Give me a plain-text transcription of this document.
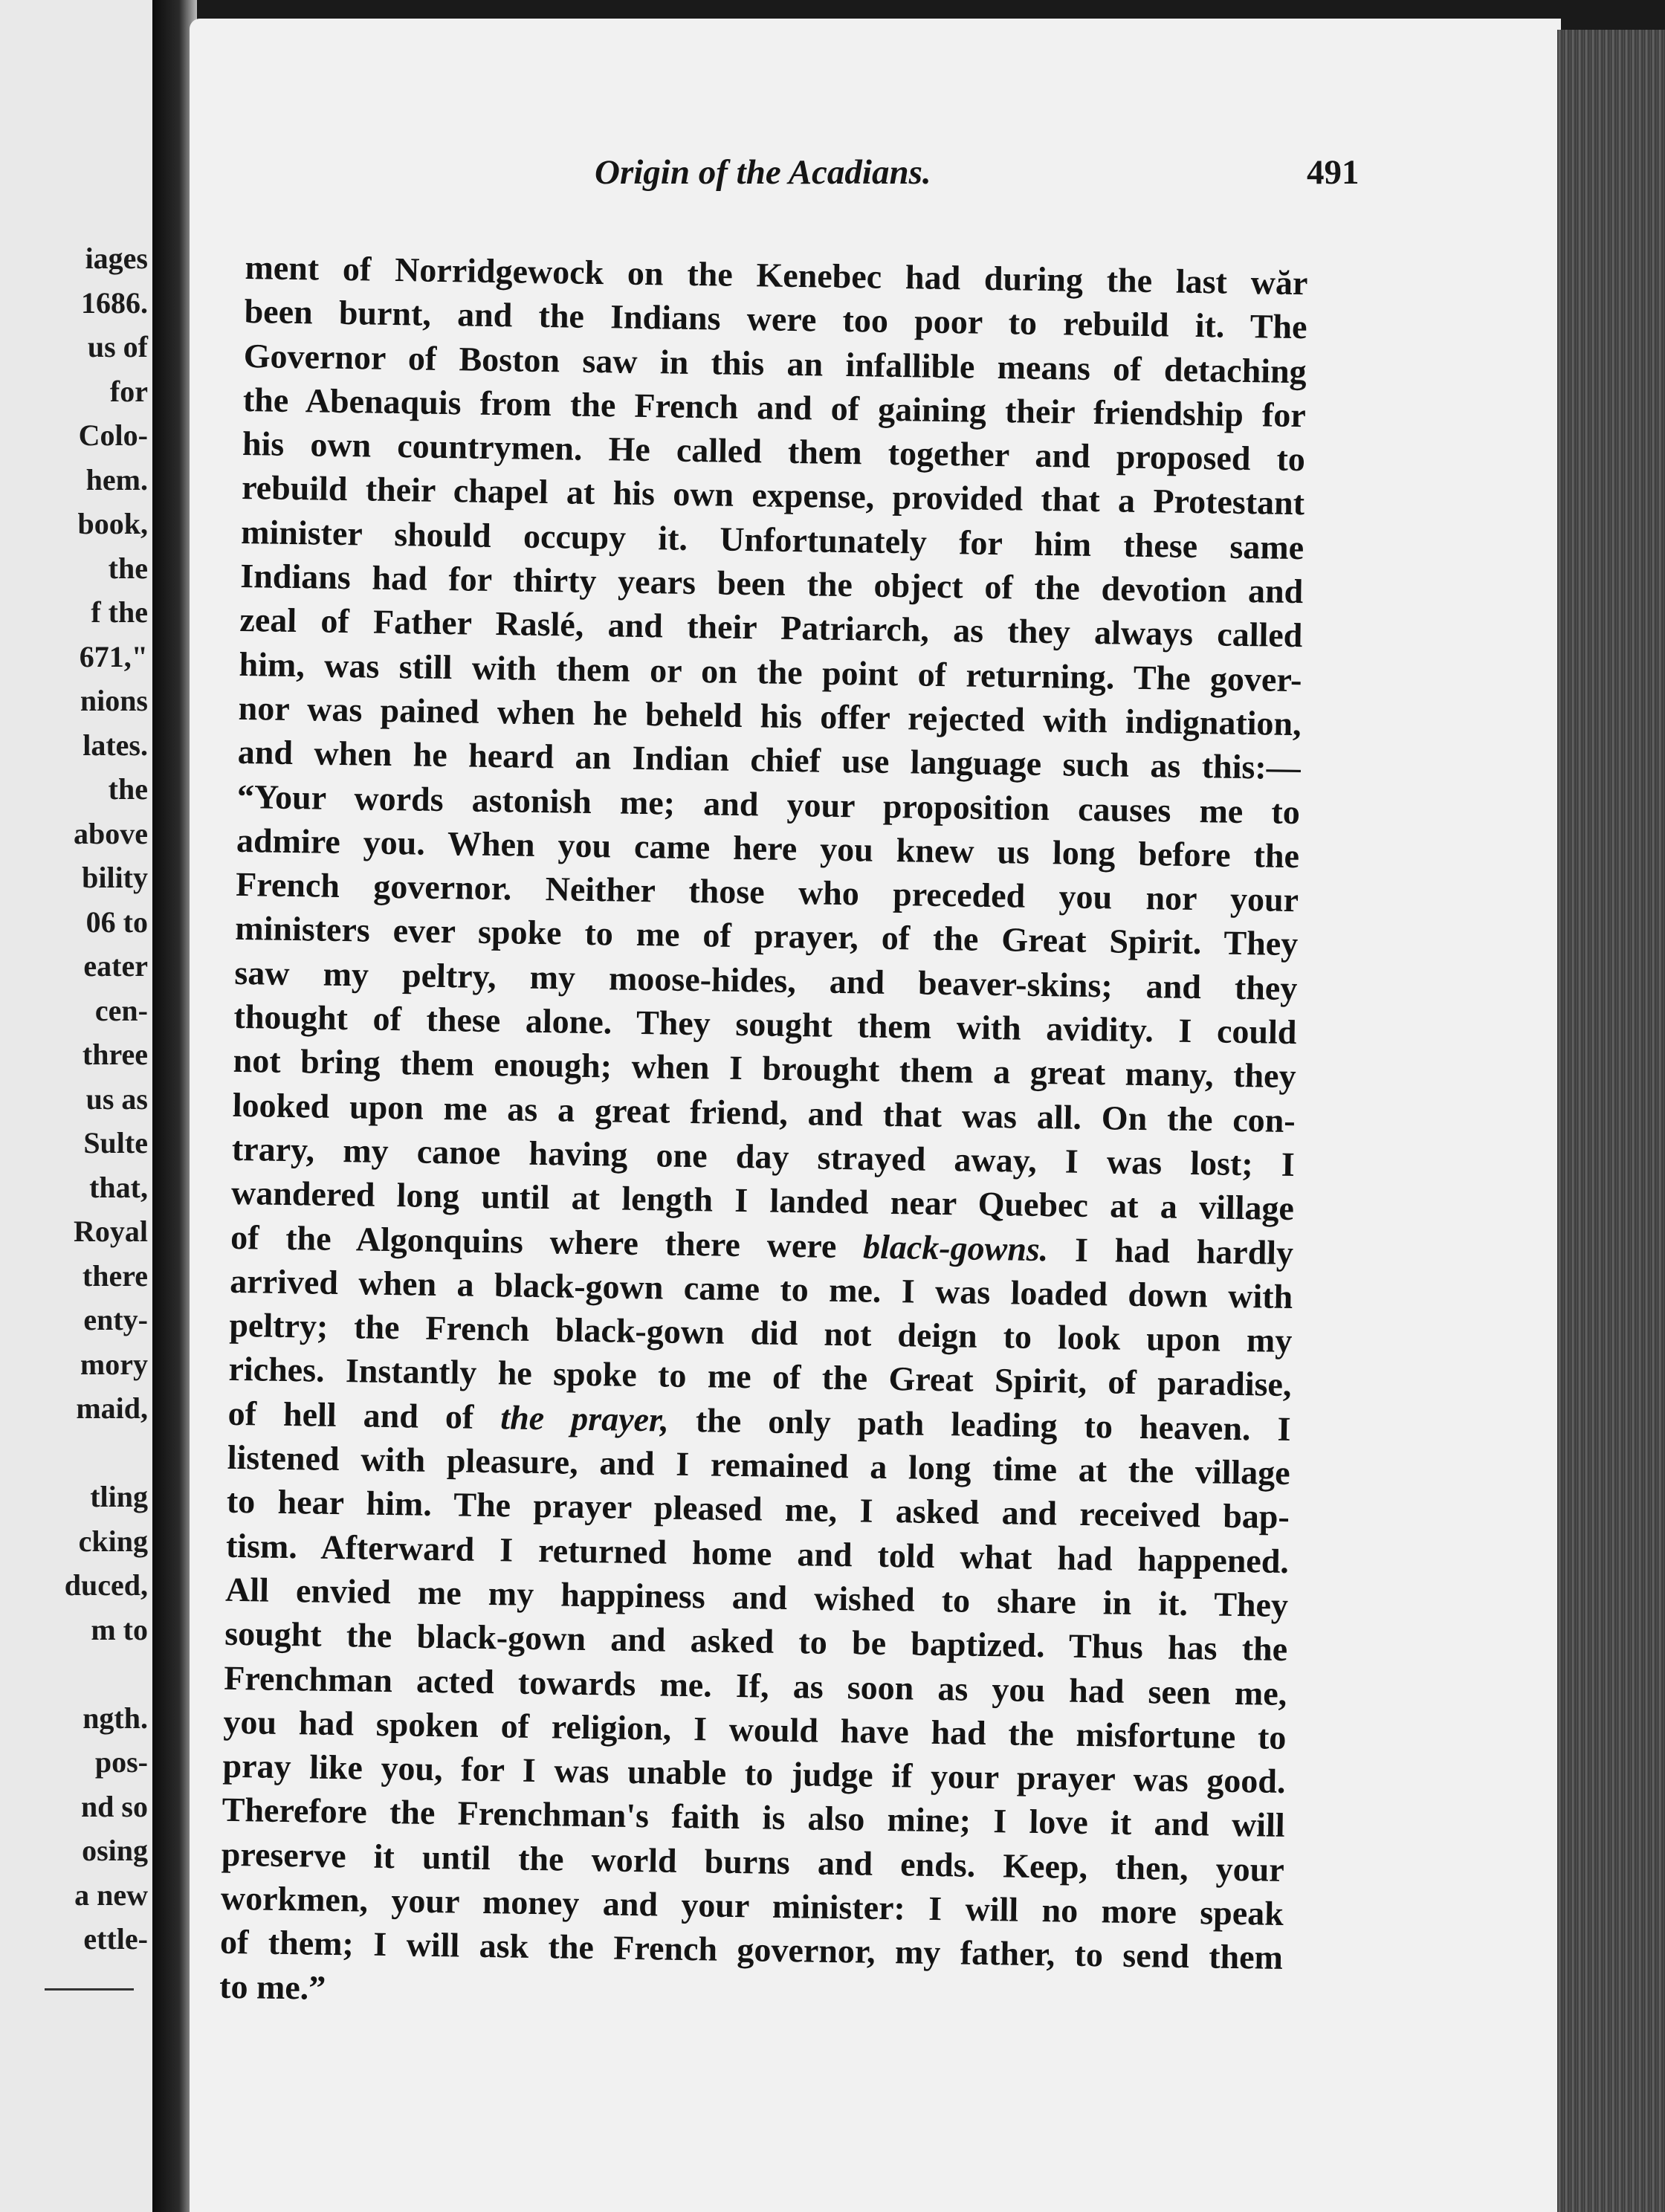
iages
1686.
us of
for
Colo-
hem.
book,
the
f the
671,"
nions
lates.
the
above
bility
06 to
eater
cen-
three
us as
Sulte
that,
Royal
there
enty-
mory
maid,
tling
cking
duced,
m to
ngth.
pos-
nd so
osing
a new
ettle-
Origin of the Acadians.	491
ment of Norridgewock on the Kenebec had during the last wăr
been burnt, and the Indians were too poor to rebuild it. The
Governor of Boston saw in this an infallible means of detaching
the Abenaquis from the French and of gaining their friendship for
his own countrymen. He called them together and proposed to
rebuild their chapel at his own expense, provided that a Protestant
minister should occupy it. Unfortunately for him these same
Indians had for thirty years been the object of the devotion and
zeal of Father Raslé, and their Patriarch, as they always called
him, was still with them or on the point of returning. The gover-
nor was pained when he beheld his offer rejected with indignation,
and when he heard an Indian chief use language such as this:—
“Your words astonish me; and your proposition causes me to
admire you. When you came here you knew us long before the
French governor. Neither those who preceded you nor your
ministers ever spoke to me of prayer, of the Great Spirit. They
saw my peltry, my moose-hides, and beaver-skins; and they
thought of these alone. They sought them with avidity. I could
not bring them enough; when I brought them a great many, they
looked upon me as a great friend, and that was all. On the con-
trary, my canoe having one day strayed away, I was lost; I
wandered long until at length I landed near Quebec at a village
of the Algonquins where there were black-gowns. I had hardly
arrived when a black-gown came to me. I was loaded down with
peltry; the French black-gown did not deign to look upon my
riches. Instantly he spoke to me of the Great Spirit, of paradise,
of hell and of the prayer, the only path leading to heaven. I
listened with pleasure, and I remained a long time at the village
to hear him. The prayer pleased me, I asked and received bap-
tism. Afterward I returned home and told what had happened.
All envied me my happiness and wished to share in it. They
sought the black-gown and asked to be baptized. Thus has the
Frenchman acted towards me. If, as soon as you had seen me,
you had spoken of religion, I would have had the misfortune to
pray like you, for I was unable to judge if your prayer was good.
Therefore the Frenchman's faith is also mine; I love it and will
preserve it until the world burns and ends. Keep, then, your
workmen, your money and your minister: I will no more speak
of them; I will ask the French governor, my father, to send them
to me.”
